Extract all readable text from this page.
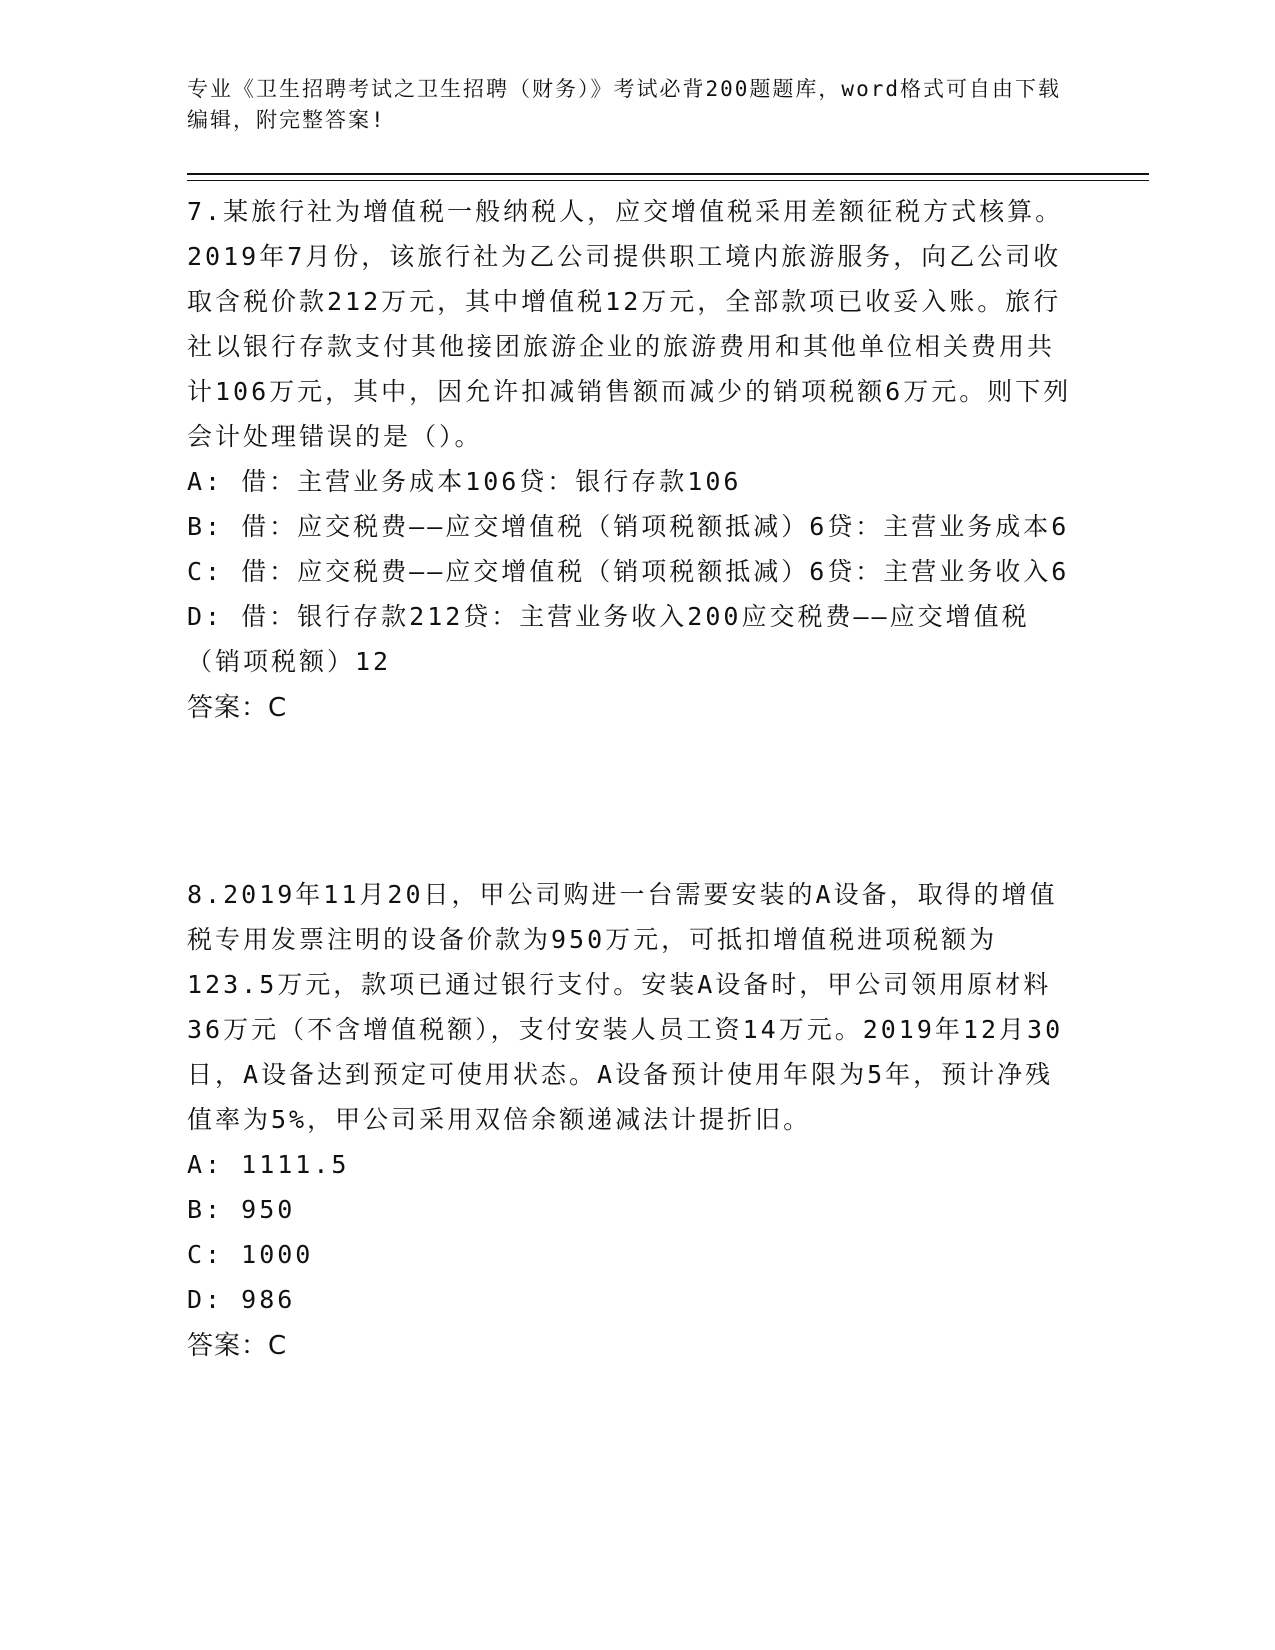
专业《卫生招聘考试之卫生招聘（财务）》考试必背200题题库，word格式可自由下载编辑，附完整答案!
7.某旅行社为增值税一般纳税人，应交增值税采用差额征税方式核算。2019年7月份，该旅行社为乙公司提供职工境内旅游服务，向乙公司收取含税价款212万元，其中增值税12万元，全部款项已收妥入账。旅行社以银行存款支付其他接团旅游企业的旅游费用和其他单位相关费用共计106万元，其中，因允许扣减销售额而减少的销项税额6万元。则下列会计处理错误的是（）。
A: 借：主营业务成本106贷：银行存款106
B: 借：应交税费——应交增值税（销项税额抵减）6贷：主营业务成本6
C: 借：应交税费——应交增值税（销项税额抵减）6贷：主营业务收入6
D: 借：银行存款212贷：主营业务收入200应交税费——应交增值税（销项税额）12
答案：C
8.2019年11月20日，甲公司购进一台需要安装的A设备，取得的增值税专用发票注明的设备价款为950万元，可抵扣增值税进项税额为123.5万元，款项已通过银行支付。安装A设备时，甲公司领用原材料36万元（不含增值税额），支付安装人员工资14万元。2019年12月30日，A设备达到预定可使用状态。A设备预计使用年限为5年，预计净残值率为5%，甲公司采用双倍余额递减法计提折旧。
A: 1111.5
B: 950
C: 1000
D: 986
答案：C
